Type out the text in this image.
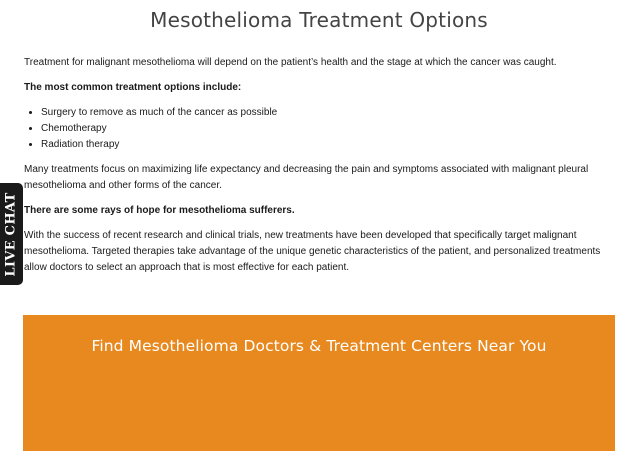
Mesothelioma Treatment Options

Treatment for malignant mesothelioma will depend on the patient’s health and the stage at which the cancer was caught.

The most common treatment options include:

• Surgery to remove as much of the cancer as possible
• Chemotherapy
• Radiation therapy

Many treatments focus on maximizing life expectancy and decreasing the pain and symptoms associated with malignant pleural mesothelioma and other forms of the cancer.

There are some rays of hope for mesothelioma sufferers.

With the success of recent research and clinical trials, new treatments have been developed that specifically target malignant mesothelioma. Targeted therapies take advantage of the unique genetic characteristics of the patient, and personalized treatments allow doctors to select an approach that is most effective for each patient.

LIVE CHAT
Find Mesothelioma Doctors & Treatment Centers Near You
